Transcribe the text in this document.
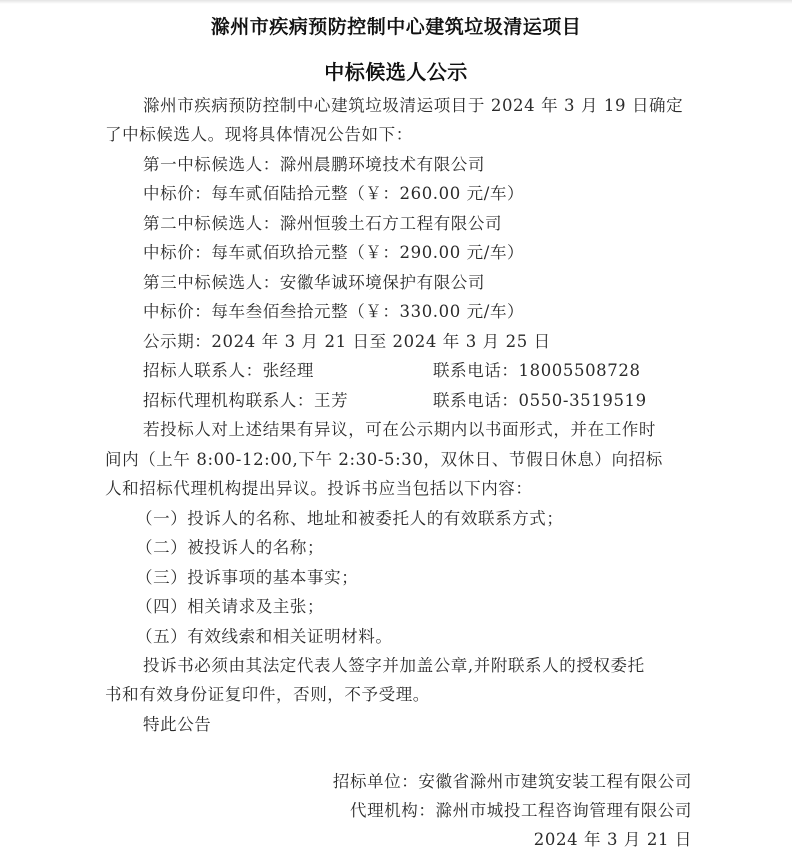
滁州市疾病预防控制中心建筑垃圾清运项目
中标候选人公示
滁州市疾病预防控制中心建筑垃圾清运项目于 2024 年 3 月 19 日确定
了中标候选人。现将具体情况公告如下：
第一中标候选人：滁州晨鹏环境技术有限公司
中标价：每车贰佰陆拾元整（￥：260.00 元/车）
第二中标候选人：滁州恒骏土石方工程有限公司
中标价：每车贰佰玖拾元整（￥：290.00 元/车）
第三中标候选人：安徽华诚环境保护有限公司
中标价：每车叁佰叁拾元整（￥：330.00 元/车）
公示期：2024 年 3 月 21 日至 2024 年 3 月 25 日
招标人联系人：张经理	联系电话：18005508728
招标代理机构联系人：王芳	联系电话：0550-3519519
若投标人对上述结果有异议，可在公示期内以书面形式，并在工作时
间内（上午 8:00-12:00,下午 2:30-5:30，双休日、节假日休息）向招标
人和招标代理机构提出异议。投诉书应当包括以下内容：
（一）投诉人的名称、地址和被委托人的有效联系方式；
（二）被投诉人的名称；
（三）投诉事项的基本事实；
（四）相关请求及主张；
（五）有效线索和相关证明材料。
投诉书必须由其法定代表人签字并加盖公章,并附联系人的授权委托
书和有效身份证复印件，否则，不予受理。
特此公告
招标单位：安徽省滁州市建筑安装工程有限公司
代理机构：滁州市城投工程咨询管理有限公司
2024 年 3 月 21 日
